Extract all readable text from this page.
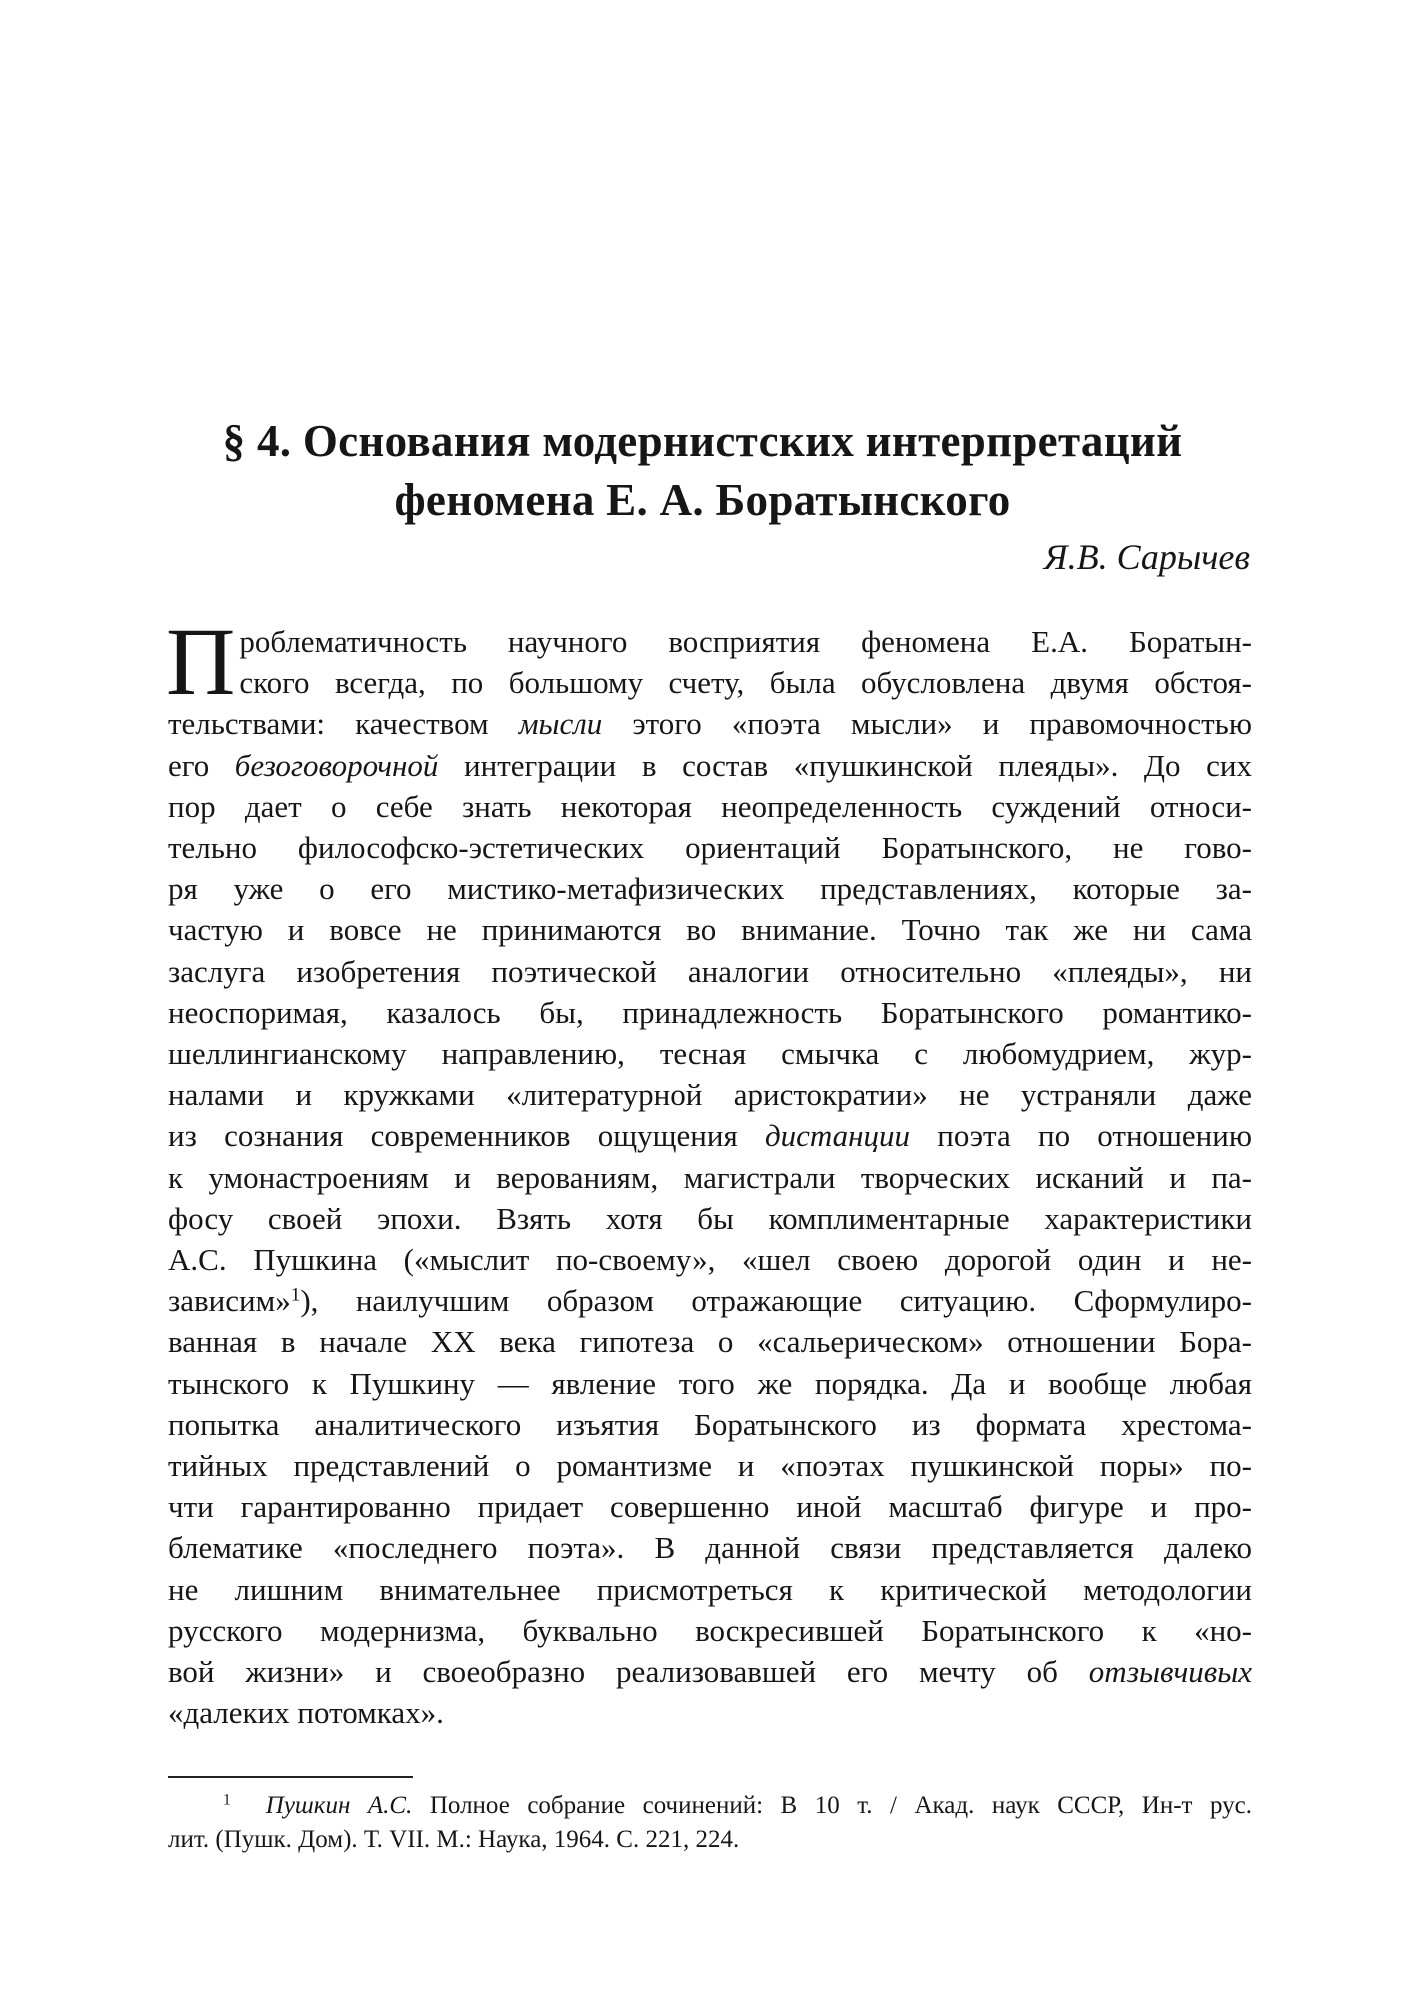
§ 4. Основания модернистских интерпретаций
феномена Е. А. Боратынского

Я.В. Сарычев

П роблематичность научного восприятия феномена Е.А. Боратын-
ского всегда, по большому счету, была обусловлена двумя обстоя-
тельствами: качеством мысли этого «поэта мысли» и правомочностью
его безоговорочной интеграции в состав «пушкинской плеяды». До сих
пор дает о себе знать некоторая неопределенность суждений относи-
тельно философско-эстетических ориентаций Боратынского, не гово-
ря уже о его мистико-метафизических представлениях, которые за-
частую и вовсе не принимаются во внимание. Точно так же ни сама
заслуга изобретения поэтической аналогии относительно «плеяды», ни
неоспоримая, казалось бы, принадлежность Боратынского романтико-
шеллингианскому направлению, тесная смычка с любомудрием, жур-
налами и кружками «литературной аристократии» не устраняли даже
из сознания современников ощущения дистанции поэта по отношению
к умонастроениям и верованиям, магистрали творческих исканий и па-
фосу своей эпохи. Взять хотя бы комплиментарные характеристики
А.С. Пушкина («мыслит по-своему», «шел своею дорогой один и не-
зависим»$^1$), наилучшим образом отражающие ситуацию. Сформулиро-
ванная в начале XX века гипотеза о «сальерическом» отношении Бора-
тынского к Пушкину — явление того же порядка. Да и вообще любая
попытка аналитического изъятия Боратынского из формата хрестома-
тийных представлений о романтизме и «поэтах пушкинской поры» по-
чти гарантированно придает совершенно иной масштаб фигуре и про-
блематике «последнего поэта». В данной связи представляется далеко
не лишним внимательнее присмотреться к критической методологии
русского модернизма, буквально воскресившей Боратынского к «но-
вой жизни» и своеобразно реализовавшей его мечту об отзывчивых
«далеких потомках».
$^1$ Пушкин А.С. Полное собрание сочинений: В 10 т. / Акад. наук СССР, Ин-т рус.
лит. (Пушк. Дом). Т. VII. М.: Наука, 1964. С. 221, 224.
